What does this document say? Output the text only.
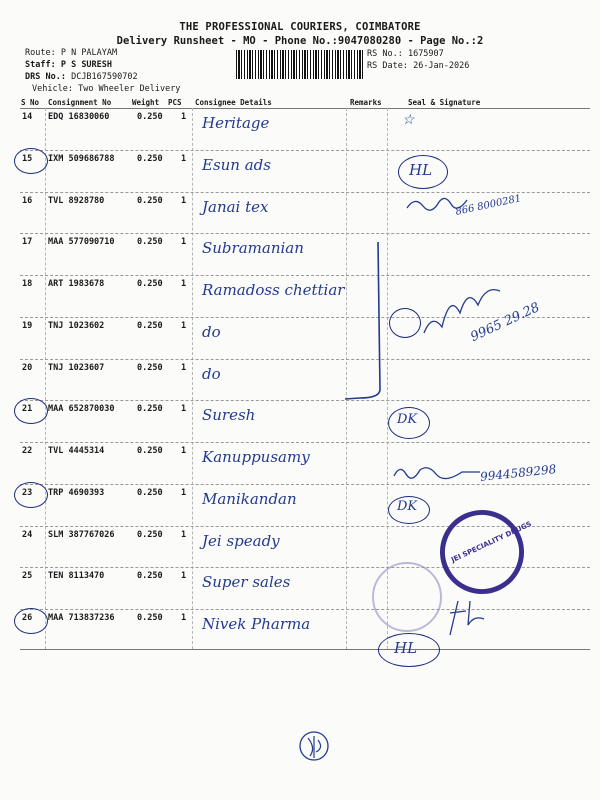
THE PROFESSIONAL COURIERS, COIMBATORE
Delivery Runsheet - MO - Phone No.:9047080280 - Page No.:2
Route: P N PALAYAM
Staff: P S SURESH
DRS No.: DCJB167590702
Vehicle: Two Wheeler Delivery
RS No.: 1675907
RS Date: 26-Jan-2026
S No Consignment No	Weight PCS Consignee Details	Remarks	Seal & Signature
14 EDQ 16830060	0.250 1 Heritage
15 IXM 509686788	0.250 1 Esun ads
16 TVL 8928780	0.250 1 Janai tex
17 MAA 577090710	0.250 1 Subramanian
18 ART 1983678	0.250 1 Ramadoss chettiar
19 TNJ 1023602	0.250 1 do
20 TNJ 1023607	0.250 1 do
21 MAA 652870030	0.250 1 Suresh
22 TVL 4445314	0.250 1 Kanuppusamy
23 TRP 4690393	0.250 1 Manikandan
24 SLM 387767026	0.250 1 Jei speady
25 TEN 8113470	0.250 1 Super sales
26 MAA 713837236	0.250 1 Nivek Pharma
☆
HL
866 8000281
9965 29.28
DK
9944589298
DK
JEI SPECIALITY DRUGS
HL
